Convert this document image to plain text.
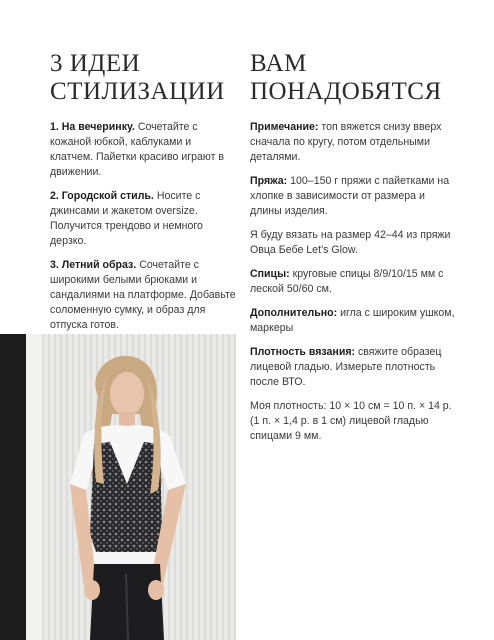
3 ИДЕИ
СТИЛИЗАЦИИ

1. На вечеринку. Сочетайте с кожаной юбкой, каблуками и клатчем. Пайетки красиво играют в движении.

2. Городской стиль. Носите с джинсами и жакетом oversize. Получится трендово и немного дерзко.

3. Летний образ. Сочетайте с широкими белыми брюками и сандалиями на платформе. Добавьте соломенную сумку, и образ для отпуска готов.

ВАМ
ПОНАДОБЯТСЯ

Примечание: топ вяжется снизу вверх сначала по кругу, потом отдельными деталями.

Пряжа: 100–150 г пряжи с пайетками на хлопке в зависимости от размера и длины изделия.

Я буду вязать на размер 42–44 из пряжи Овца Бебе Let’s Glow.

Спицы: круговые спицы 8/9/10/15 мм с леской 50/60 см.

Дополнительно: игла с широким ушком, маркеры

Плотность вязания: свяжите образец лицевой гладью. Измерьте плотность после ВТО.

Моя плотность: 10 × 10 см = 10 п. × 14 р. (1 п. × 1,4 р. в 1 см) лицевой гладью спицами 9 мм.
